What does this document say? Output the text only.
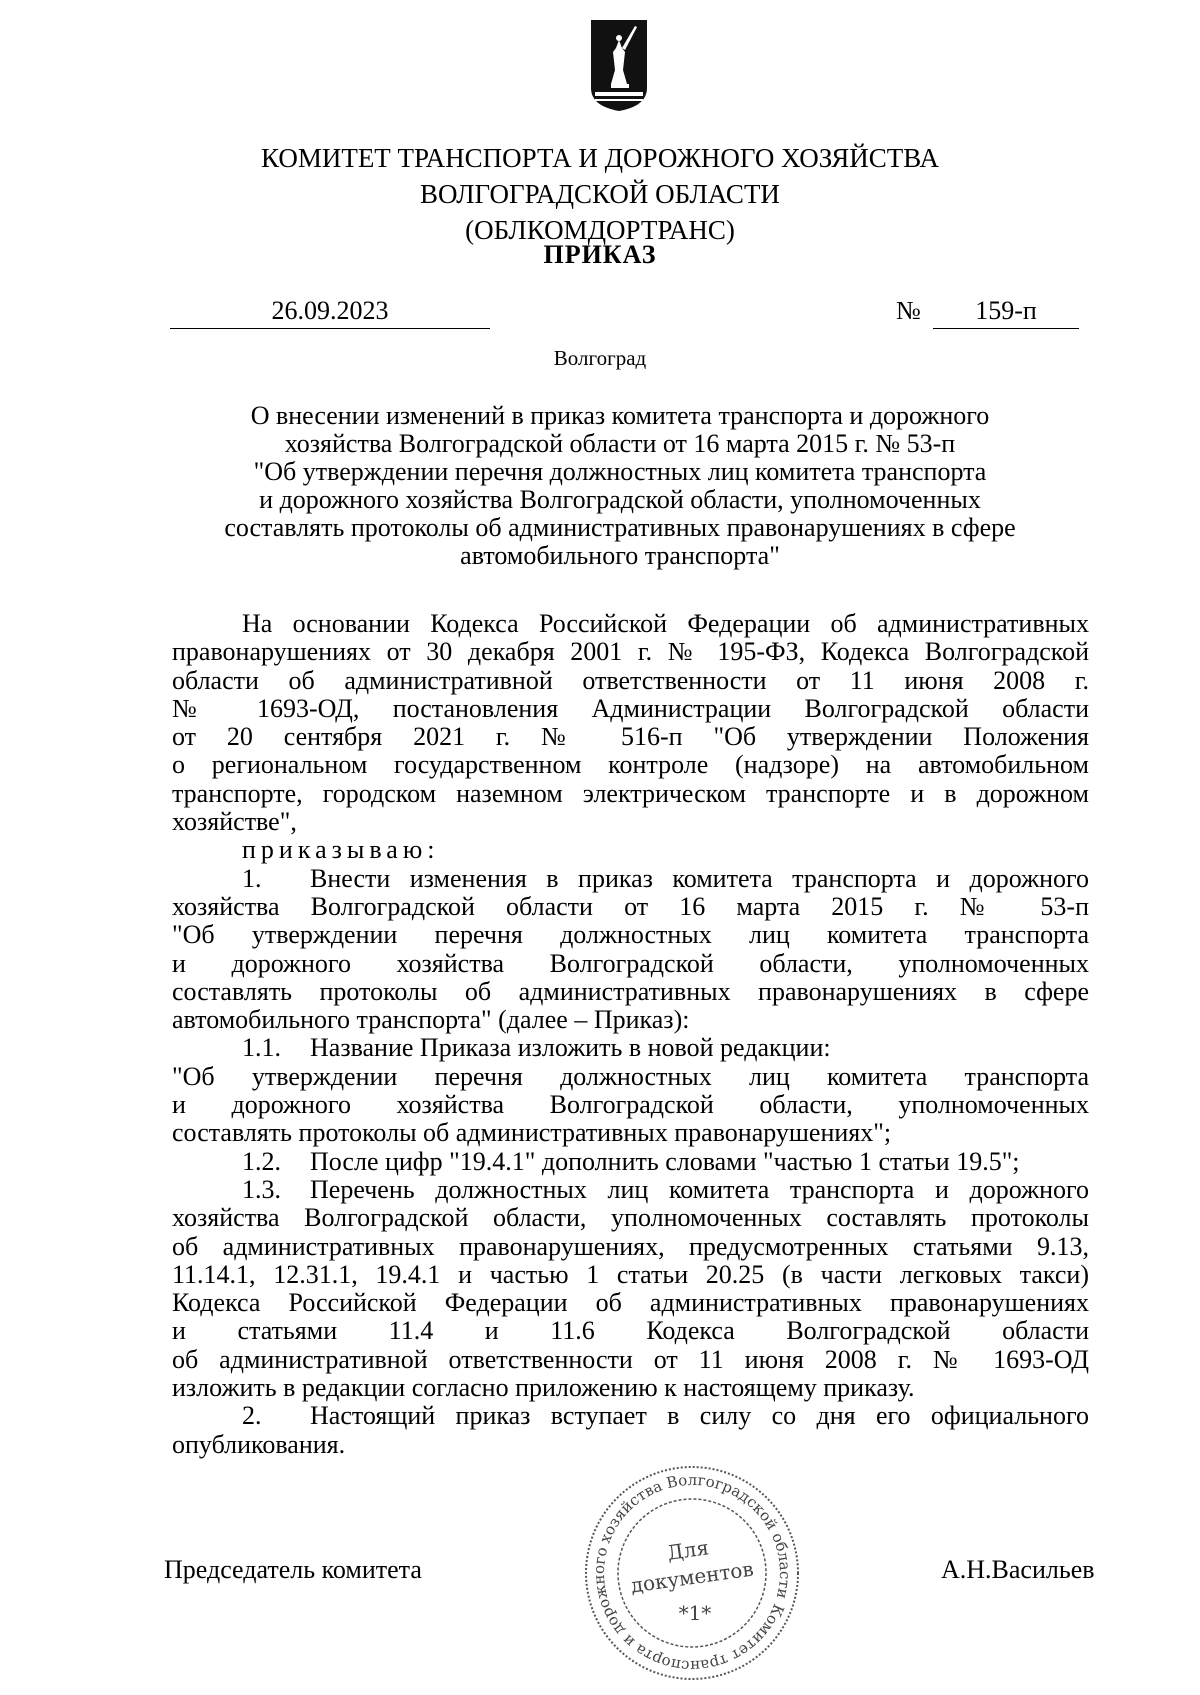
КОМИТЕТ ТРАНСПОРТА И ДОРОЖНОГО ХОЗЯЙСТВА
ВОЛГОГРАДСКОЙ ОБЛАСТИ
(ОБЛКОМДОРТРАНС)
ПРИКАЗ
26.09.2023	№	159-п
Волгоград
О внесении изменений в приказ комитета транспорта и дорожного
хозяйства Волгоградской области от 16 марта 2015 г. № 53-п
"Об утверждении перечня должностных лиц комитета транспорта
и дорожного хозяйства Волгоградской области, уполномоченных
составлять протоколы об административных правонарушениях в сфере
автомобильного транспорта"
На основании Кодекса Российской Федерации об административных
правонарушениях от 30 декабря 2001 г. № 195-ФЗ, Кодекса Волгоградской
области об административной ответственности от 11 июня 2008 г.
№ 1693-ОД, постановления Администрации Волгоградской области
от 20 сентября 2021 г. № 516-п "Об утверждении Положения
о региональном государственном контроле (надзоре) на автомобильном
транспорте, городском наземном электрическом транспорте и в дорожном
хозяйстве",
приказываю:
1. Внести изменения в приказ комитета транспорта и дорожного
хозяйства Волгоградской области от 16 марта 2015 г. № 53-п
"Об утверждении перечня должностных лиц комитета транспорта
и дорожного хозяйства Волгоградской области, уполномоченных
составлять протоколы об административных правонарушениях в сфере
автомобильного транспорта" (далее – Приказ):
1.1. Название Приказа изложить в новой редакции:
"Об утверждении перечня должностных лиц комитета транспорта
и дорожного хозяйства Волгоградской области, уполномоченных
составлять протоколы об административных правонарушениях";
1.2. После цифр "19.4.1" дополнить словами "частью 1 статьи 19.5";
1.3. Перечень должностных лиц комитета транспорта и дорожного
хозяйства Волгоградской области, уполномоченных составлять протоколы
об административных правонарушениях, предусмотренных статьями 9.13,
11.14.1, 12.31.1, 19.4.1 и частью 1 статьи 20.25 (в части легковых такси)
Кодекса Российской Федерации об административных правонарушениях
и статьями 11.4 и 11.6 Кодекса Волгоградской области
об административной ответственности от 11 июня 2008 г. № 1693-ОД
изложить в редакции согласно приложению к настоящему приказу.
2. Настоящий приказ вступает в силу со дня его официального
опубликования.
Комитет транспорта и дорожного хозяйства Волгоградской области
Для
документов
*1*
Председатель комитета	А.Н.Васильев
